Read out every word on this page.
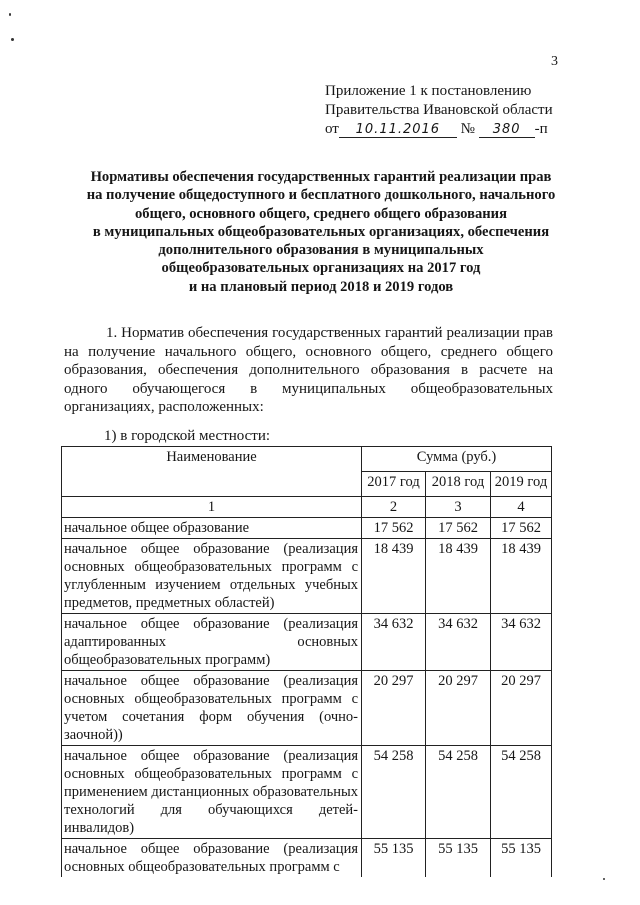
3
Приложение 1 к постановлению
Правительства Ивановской области
от 10.11.2016 № 380 -п
Нормативы обеспечения государственных гарантий реализации прав
на получение общедоступного и бесплатного дошкольного, начального
общего, основного общего, среднего общего образования
в муниципальных общеобразовательных организациях, обеспечения
дополнительного образования в муниципальных
общеобразовательных организациях на 2017 год
и на плановый период 2018 и 2019 годов

1. Норматив обеспечения государственных гарантий реализации прав на получение начального общего, основного общего, среднего общего образования, обеспечения дополнительного образования в расчете на одного обучающегося в муниципальных общеобразовательных организациях, расположенных:

1) в городской местности:
Наименование	Сумма (руб.)		
	2017 год	2018 год	2019 год
1	2	3	4
начальное общее образование	17 562	17 562	17 562
начальное общее образование (реализация основных общеобразовательных программ с углубленным изучением отдельных учебных предметов, предметных областей)	18 439	18 439	18 439
начальное общее образование (реализация адаптированных основных общеобразовательных программ)	34 632	34 632	34 632
начальное общее образование (реализация основных общеобразовательных программ с учетом сочетания форм обучения (очно-заочной))	20 297	20 297	20 297
начальное общее образование (реализация основных общеобразовательных программ с применением дистанционных образовательных технологий для обучающихся детей-инвалидов)	54 258	54 258	54 258
начальное общее образование (реализация основных общеобразовательных программ с	55 135	55 135	55 135
